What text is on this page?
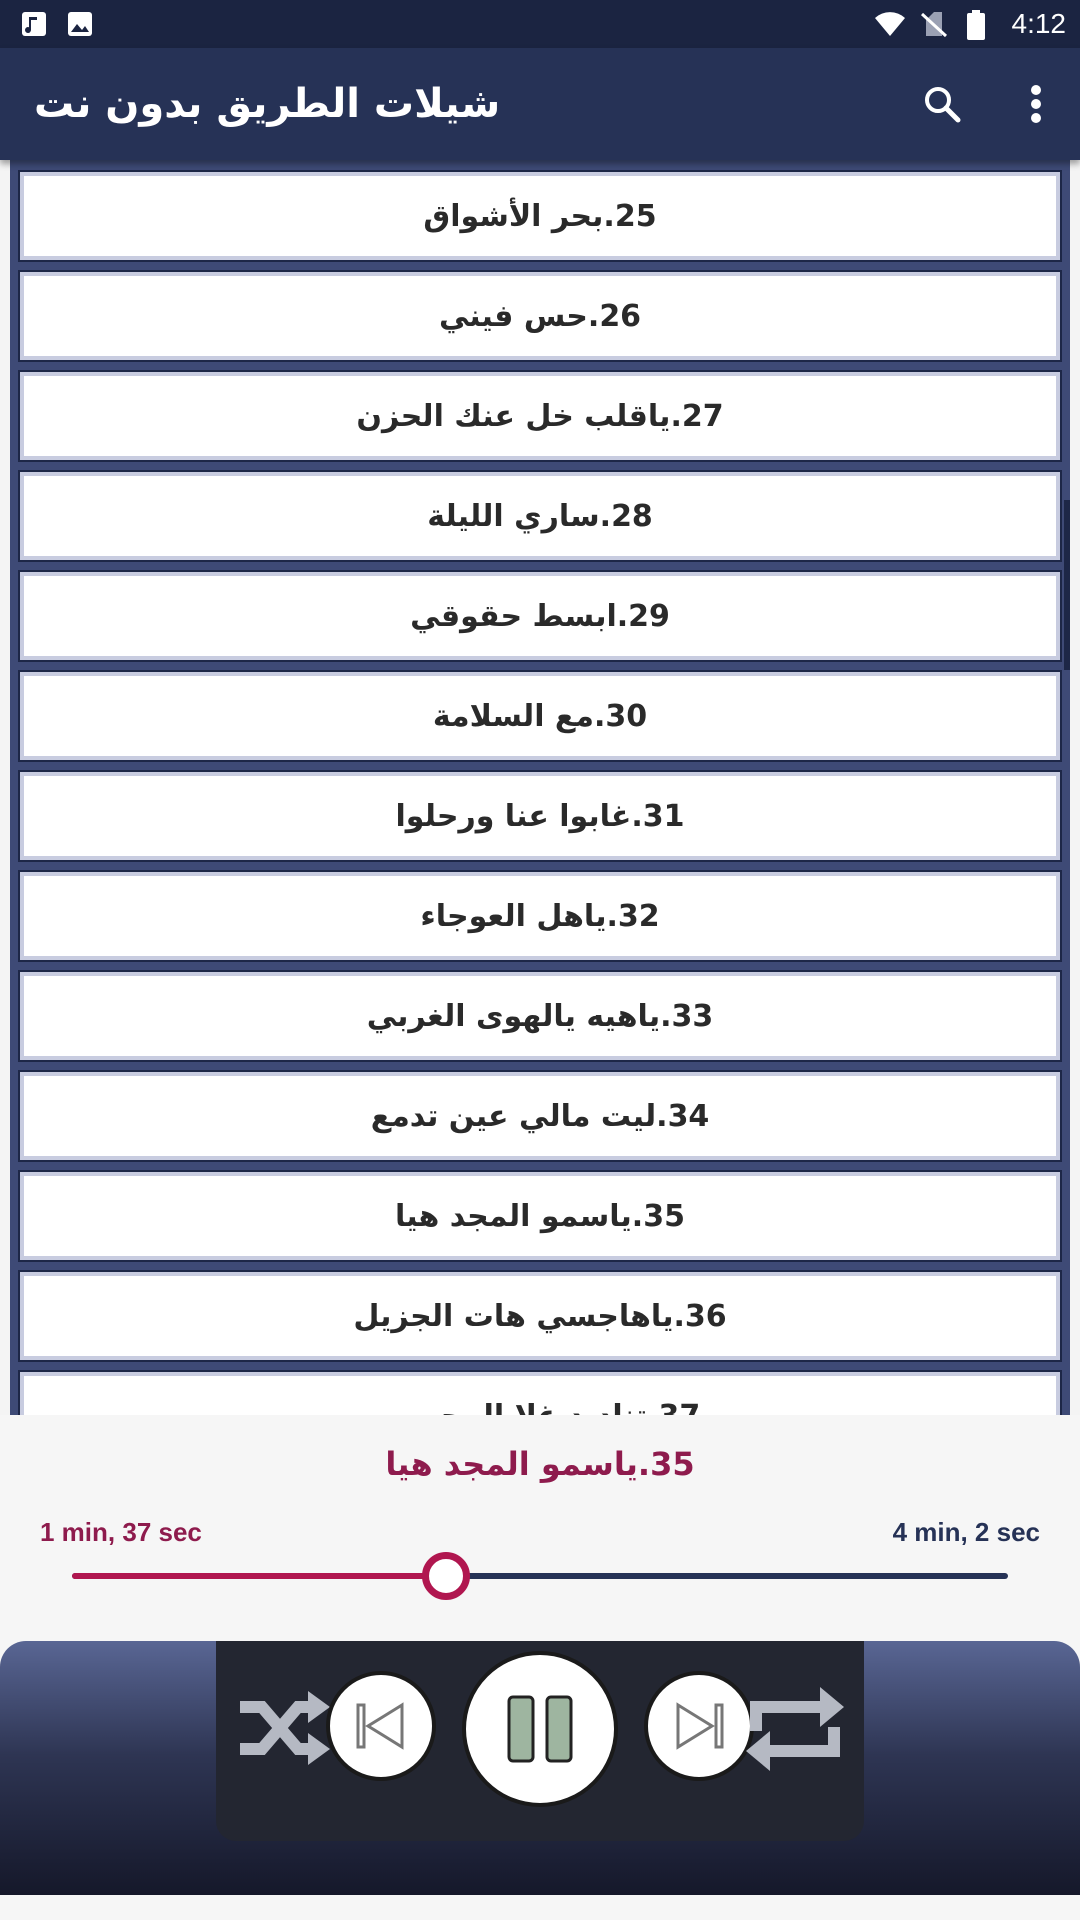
4:12
شيلات الطريق بدون نت
25.بحر الأشواق
26.حس فيني
27.ياقلب خل عنك الحزن
28.ساري الليلة
29.ابسط حقوقي
30.مع السلامة
31.غابوا عنا ورحلوا
32.ياهل العوجاء
33.ياهيه يالهوى الغربي
34.ليت مالي عين تدمع
35.ياسمو المجد هيا
36.ياهاجسي هات الجزيل
35.ياسمو المجد هيا
1 min, 37 sec	4 min, 2 sec
